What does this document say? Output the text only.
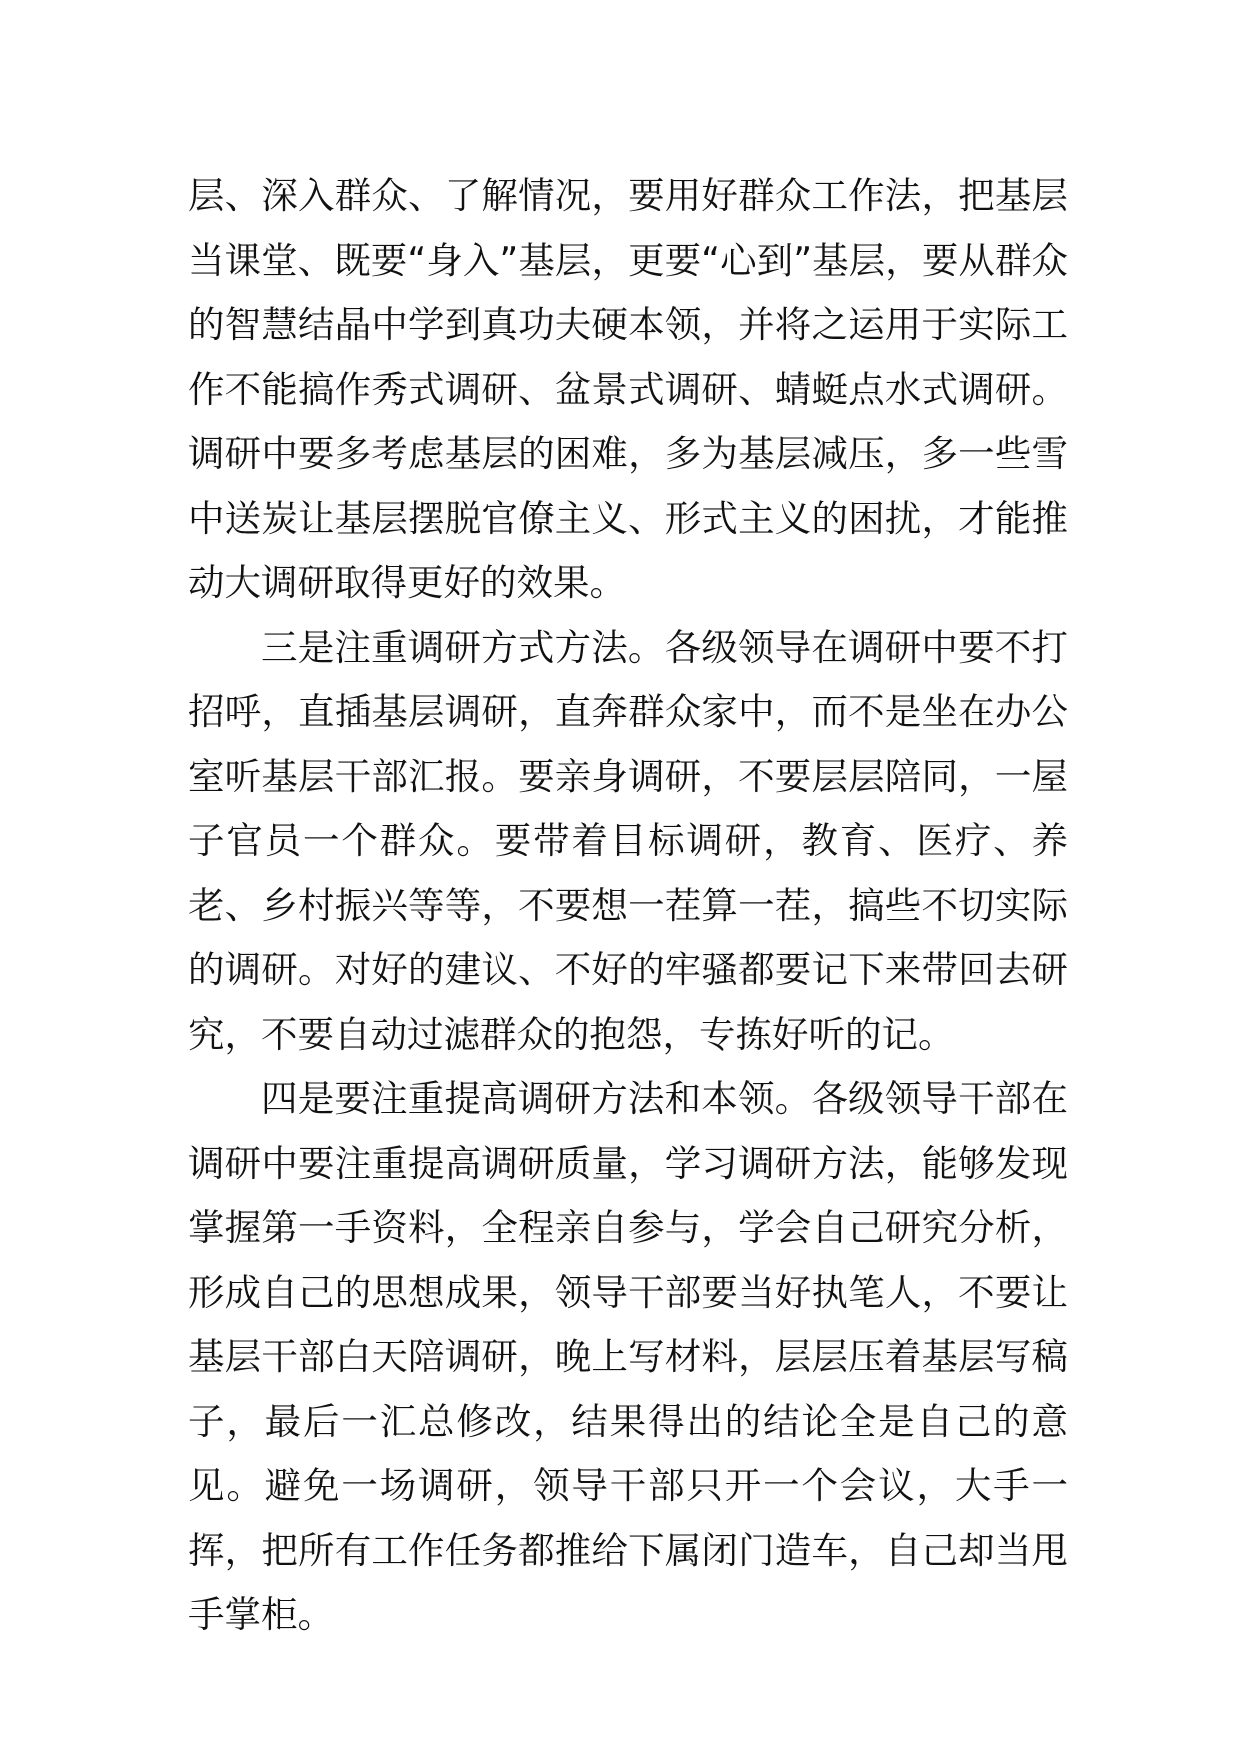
层、深入群众、了解情况，要用好群众工作法，把基层当课堂、既要“身入”基层，更要“心到”基层，要从群众的智慧结晶中学到真功夫硬本领，并将之运用于实际工作不能搞作秀式调研、盆景式调研、蜻蜓点水式调研。调研中要多考虑基层的困难，多为基层减压，多一些雪中送炭让基层摆脱官僚主义、形式主义的困扰，才能推动大调研取得更好的效果。

三是注重调研方式方法。各级领导在调研中要不打招呼，直插基层调研，直奔群众家中，而不是坐在办公室听基层干部汇报。要亲身调研，不要层层陪同，一屋子官员一个群众。要带着目标调研，教育、医疗、养老、乡村振兴等等，不要想一茬算一茬，搞些不切实际的调研。对好的建议、不好的牢骚都要记下来带回去研究，不要自动过滤群众的抱怨，专拣好听的记。

四是要注重提高调研方法和本领。各级领导干部在调研中要注重提高调研质量，学习调研方法，能够发现掌握第一手资料，全程亲自参与，学会自己研究分析，形成自己的思想成果，领导干部要当好执笔人，不要让基层干部白天陪调研，晚上写材料，层层压着基层写稿子，最后一汇总修改，结果得出的结论全是自己的意见。避免一场调研，领导干部只开一个会议，大手一挥，把所有工作任务都推给下属闭门造车，自己却当甩手掌柜。
